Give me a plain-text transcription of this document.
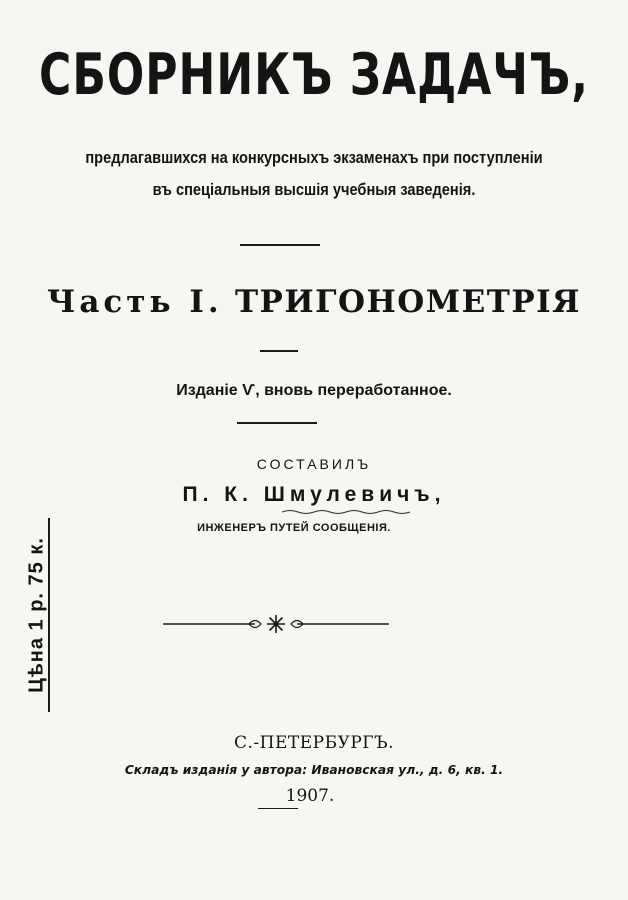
СБОРНИКЪ ЗАДАЧЪ,
предлагавшихся на конкурсныхъ экзаменахъ при поступленіи
въ спеціальныя высшія учебныя заведенія.
Часть I. ТРИГОНОМЕТРІЯ
Изданіе Ѵ, вновь переработанное.
СОСТАВИЛЪ
П. К. Шмулевичъ,
ИНЖЕНЕРЪ ПУТЕЙ СООБЩЕНІЯ.
Цѣна 1 р. 75 к.
С.-ПЕТЕРБУРГЪ.
Складъ изданія у автора: Ивановская ул., д. 6, кв. 1.
1907.
